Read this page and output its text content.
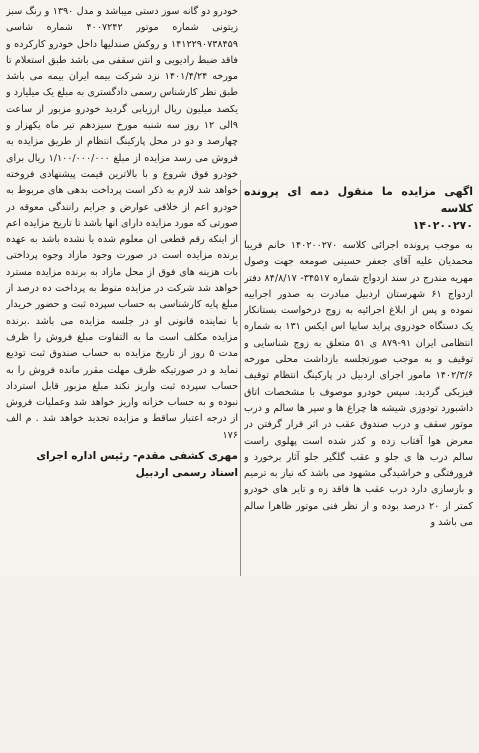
خودرو دو گانه سوز دستی میباشد و مدل ۱۳۹۰ و رنگ سبز زیتونی شماره موتور ۴۰۰۷۲۴۲ شماره شاسی ۱۴۱۲۲۹۰۷۳۸۴۵۹ و روکش صندلیها داخل خودرو کارکرده و فاقد ضبط رادیویی و انتن سقفی می باشد طبق استعلام تا مورخه ۱۴۰۱/۴/۲۴ نزد شرکت بیمه ایران بیمه می باشد طبق نظر کارشناس رسمی دادگستری به مبلغ یک میلیارد و یکصد میلیون ریال ارزیابی گردید خودرو مزبور از ساعت ۹الی ۱۲ روز سه شنبه مورخ سیزدهم تیر ماه یکهزار و چهارصد و دو در محل پارکینگ انتظام از طریق مزایده به فروش می رسد مزایده از مبلغ ۱/۱۰۰/۰۰۰/۰۰۰ ریال برای خودرو فوق شروع و با بالاترین قیمت پیشنهادی فروخته خواهد شد لازم به ذکر است پرداخت بدهی های مربوط به خودرو اعم از خلافی عوارض و جرایم رانندگی معوقه در صورتی که مورد مزایده دارای انها باشد تا تاریخ مزایده اعم از اینکه رقم قطعی ان معلوم شده یا نشده باشد به عهده برنده مزایده است در صورت وجود مازاد وجوه پرداختی بات هزینه های فوق از محل مازاد به برنده مزایده مسترد خواهد شد شرکت در مزایده منوط به پرداخت ده درصد از مبلغ پایه کارشناسی به حساب سپرده ثبت و حضور خریدار یا نماینده قانونی او در جلسه مزایده می باشد .برنده مزایده مکلف است ما به التفاوت مبلغ فروش را ظرف مدت ۵ روز از تاریخ مزایده به حساب صندوق ثبت تودیع نماید و در صورتیکه ظرف مهلت مقرر مانده فروش را به حساب سپرده ثبت واریز نکند مبلغ مزبور قابل استرداد نبوده و به حساب خزانه واریز خواهد شد وعملیات فروش از درجه اعتبار ساقط و مزایده تجدید خواهد شد . م الف ۱۷۶

مهری کشفی مقدم- رئیس اداره اجرای
اسناد رسمی اردبیل
اگهی مزایده ما منقول دمه ای پرونده کلاسه
۱۴۰۲۰۰۲۷۰

به موجب پرونده اجرائی کلاسه ۱۴۰۲۰۰۲۷۰ خانم فریبا محمدیان علیه آقای جعفر حسینی صومعه جهت وصول مهریه مندرج در سند ازدواج شماره ۳۴۵۱۷- ۸۴/۸/۱۷ دفتر ازدواج ۶۱ شهرستان اردبیل مبادرت به صدور اجراییه نموده و پس از ابلاغ اجرائیه به زوج درخواست بستانکار یک دستگاه خودروی پراید سایپا اس ایکس ۱۳۱ به شماره انتظامی ایران ۹۱-۸۷۹ ی ۵۱ متعلق به زوج شناسایی و توقیف و به موجب صورتجلسه بازداشت محلی مورخه ۱۴۰۲/۳/۶ مامور اجرای اردبیل در پارکینگ انتظام توقیف فیزیکی گردید. سپس خودرو موصوف با مشخصات اتاق داشبورد تودوزی شیشه ها چراغ ها و سپر ها سالم و درب موتور سقف و درب صندوق عقب در اثر قرار گرفتن در معرض هوا آفتاب زده و کدر شده است پهلوی راست سالم درب ها ی جلو و عقب گلگیر جلو آثار برخورد و فرورفتگی و خراشیدگی مشهود می باشد که نیاز به ترمیم و بازسازی دارد درب عقب ها فاقد زه و تایر های خودرو کمتر از ۲۰ درصد بوده و از نظر فنی موتور ظاهرا سالم می باشد و
